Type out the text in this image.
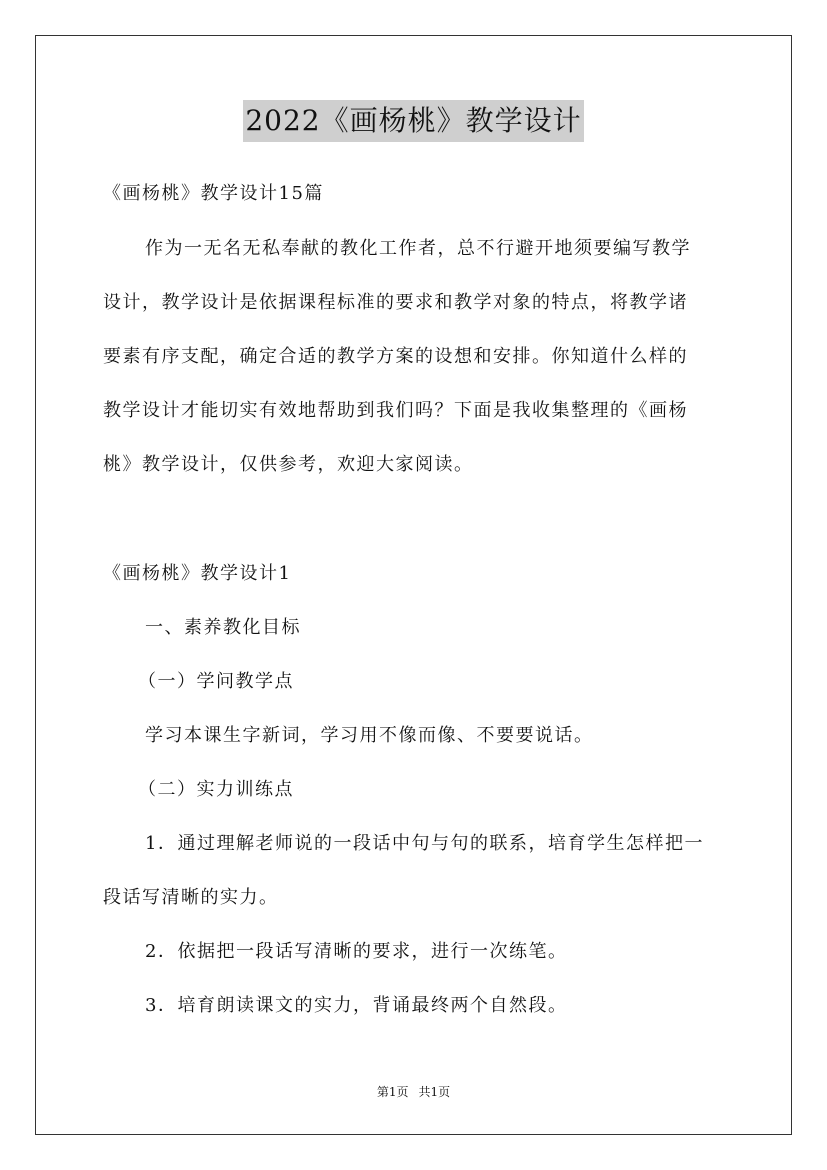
2022《画杨桃》教学设计
《画杨桃》教学设计15篇
作为一无名无私奉献的教化工作者，总不行避开地须要编写教学
设计，教学设计是依据课程标准的要求和教学对象的特点，将教学诸
要素有序支配，确定合适的教学方案的设想和安排。你知道什么样的
教学设计才能切实有效地帮助到我们吗？下面是我收集整理的《画杨
桃》教学设计，仅供参考，欢迎大家阅读。
《画杨桃》教学设计1
一、素养教化目标
（一）学问教学点
学习本课生字新词，学习用不像而像、不要要说话。
（二）实力训练点
1．通过理解老师说的一段话中句与句的联系，培育学生怎样把一
段话写清晰的实力。
2．依据把一段话写清晰的要求，进行一次练笔。
3．培育朗读课文的实力，背诵最终两个自然段。
第1页 共1页
